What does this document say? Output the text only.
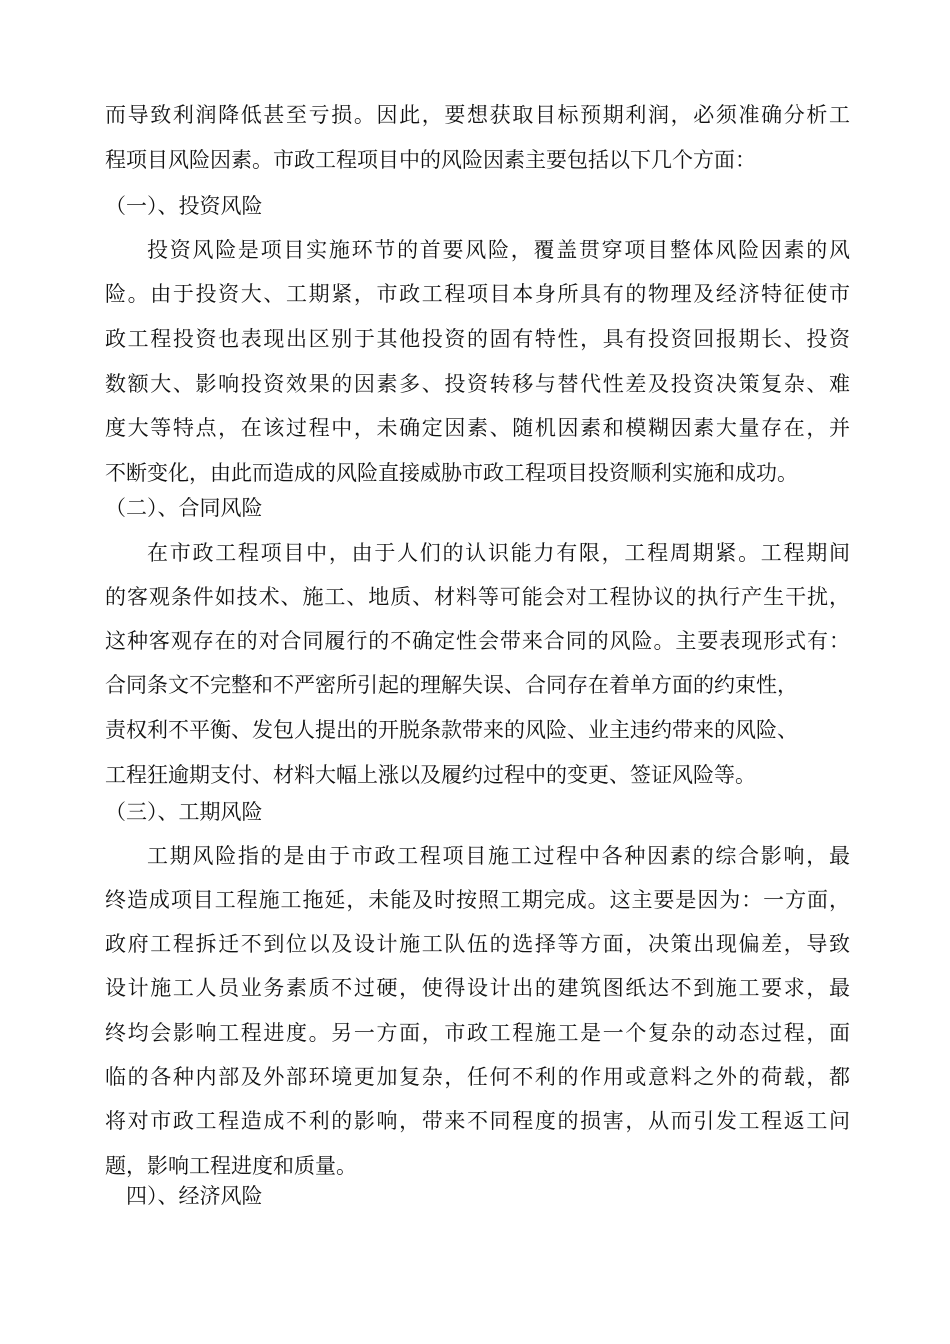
而导致利润降低甚至亏损。因此，要想获取目标预期利润，必须准确分析工
程项目风险因素。市政工程项目中的风险因素主要包括以下几个方面：
（一）、投资风险
投资风险是项目实施环节的首要风险，覆盖贯穿项目整体风险因素的风
险。由于投资大、工期紧，市政工程项目本身所具有的物理及经济特征使市
政工程投资也表现出区别于其他投资的固有特性，具有投资回报期长、投资
数额大、影响投资效果的因素多、投资转移与替代性差及投资决策复杂、难
度大等特点，在该过程中，未确定因素、随机因素和模糊因素大量存在，并
不断变化，由此而造成的风险直接威胁市政工程项目投资顺利实施和成功。
（二）、合同风险
在市政工程项目中，由于人们的认识能力有限，工程周期紧。工程期间
的客观条件如技术、施工、地质、材料等可能会对工程协议的执行产生干扰，
这种客观存在的对合同履行的不确定性会带来合同的风险。主要表现形式有：
合同条文不完整和不严密所引起的理解失误、合同存在着单方面的约束性，
责权利不平衡、发包人提出的开脱条款带来的风险、业主违约带来的风险、
工程狂逾期支付、材料大幅上涨以及履约过程中的变更、签证风险等。
（三）、工期风险
工期风险指的是由于市政工程项目施工过程中各种因素的综合影响，最
终造成项目工程施工拖延，未能及时按照工期完成。这主要是因为：一方面，
政府工程拆迁不到位以及设计施工队伍的选择等方面，决策出现偏差，导致
设计施工人员业务素质不过硬，使得设计出的建筑图纸达不到施工要求，最
终均会影响工程进度。另一方面，市政工程施工是一个复杂的动态过程，面
临的各种内部及外部环境更加复杂，任何不利的作用或意料之外的荷载，都
将对市政工程造成不利的影响，带来不同程度的损害，从而引发工程返工问
题，影响工程进度和质量。
四）、经济风险
